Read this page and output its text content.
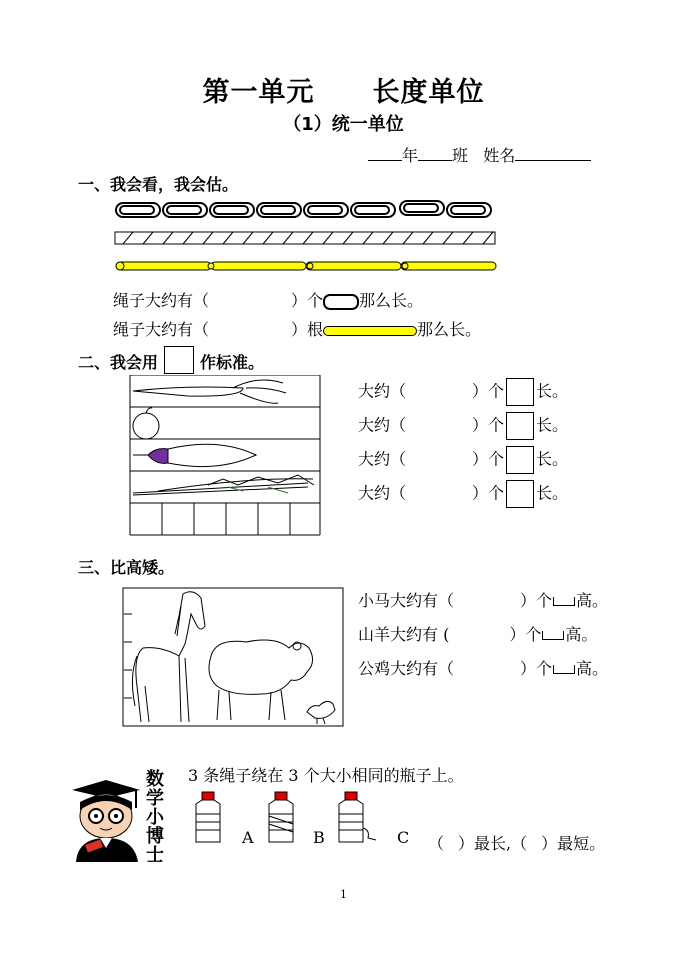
第一单元 长度单位
（1）统一单位
年 班 姓名
一、我会看，我会估。
绳子大约有（	）个 那么长。
绳子大约有（	）根	那么长。
二、我会用	作标准。
大约（	）个 长。
大约（	）个 长。
大约（	）个 长。
大约（	）个 长。
三、比高矮。
小马大约有（	）个 高。
山羊大约有 (	）个 高。
公鸡大约有（	）个 高。
数学小博士
3 条绳子绕在 3 个大小相同的瓶子上。
A	B	C （ ）最长,（ ）最短。
1
